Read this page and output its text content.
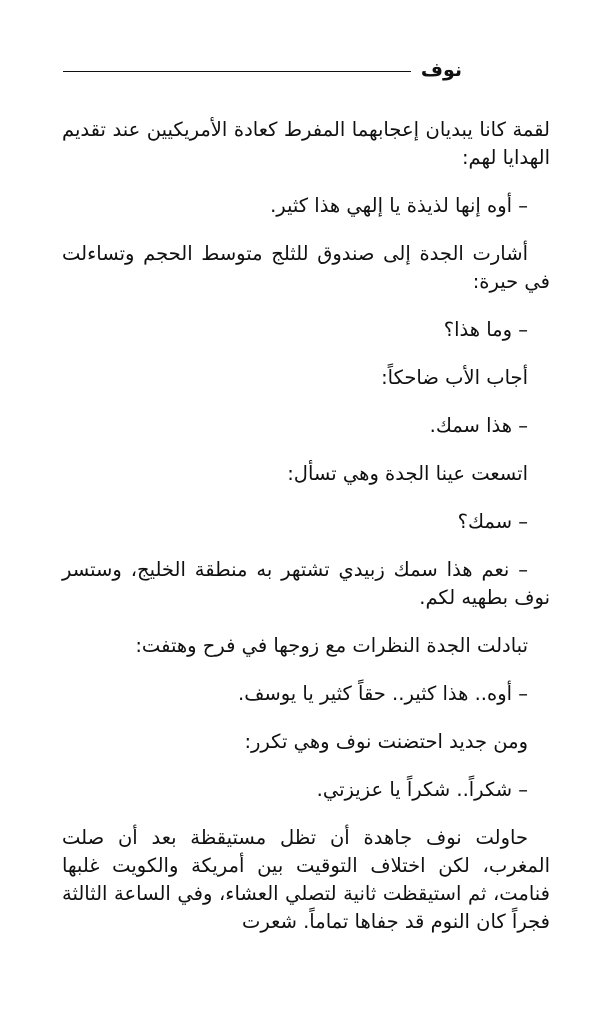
نوف

لقمة كانا يبديان إعجابهما المفرط كعادة الأمريكيين عند تقديم الهدايا لهم:

– أوه إنها لذيذة يا إلهي هذا كثير.

أشارت الجدة إلى صندوق للثلج متوسط الحجم وتساءلت في حيرة:

– وما هذا؟

أجاب الأب ضاحكاً:

– هذا سمك.

اتسعت عينا الجدة وهي تسأل:

– سمك؟

– نعم هذا سمك زبيدي تشتهر به منطقة الخليج، وستسر نوف بطهيه لكم.

تبادلت الجدة النظرات مع زوجها في فرح وهتفت:

– أوه.. هذا كثير.. حقاً كثير يا يوسف.

ومن جديد احتضنت نوف وهي تكرر:

– شكراً.. شكراً يا عزيزتي.

حاولت نوف جاهدة أن تظل مستيقظة بعد أن صلت المغرب، لكن اختلاف التوقيت بين أمريكة والكويت غلبها فنامت، ثم استيقظت ثانية لتصلي العشاء، وفي الساعة الثالثة فجراً كان النوم قد جفاها تماماً. شعرت
